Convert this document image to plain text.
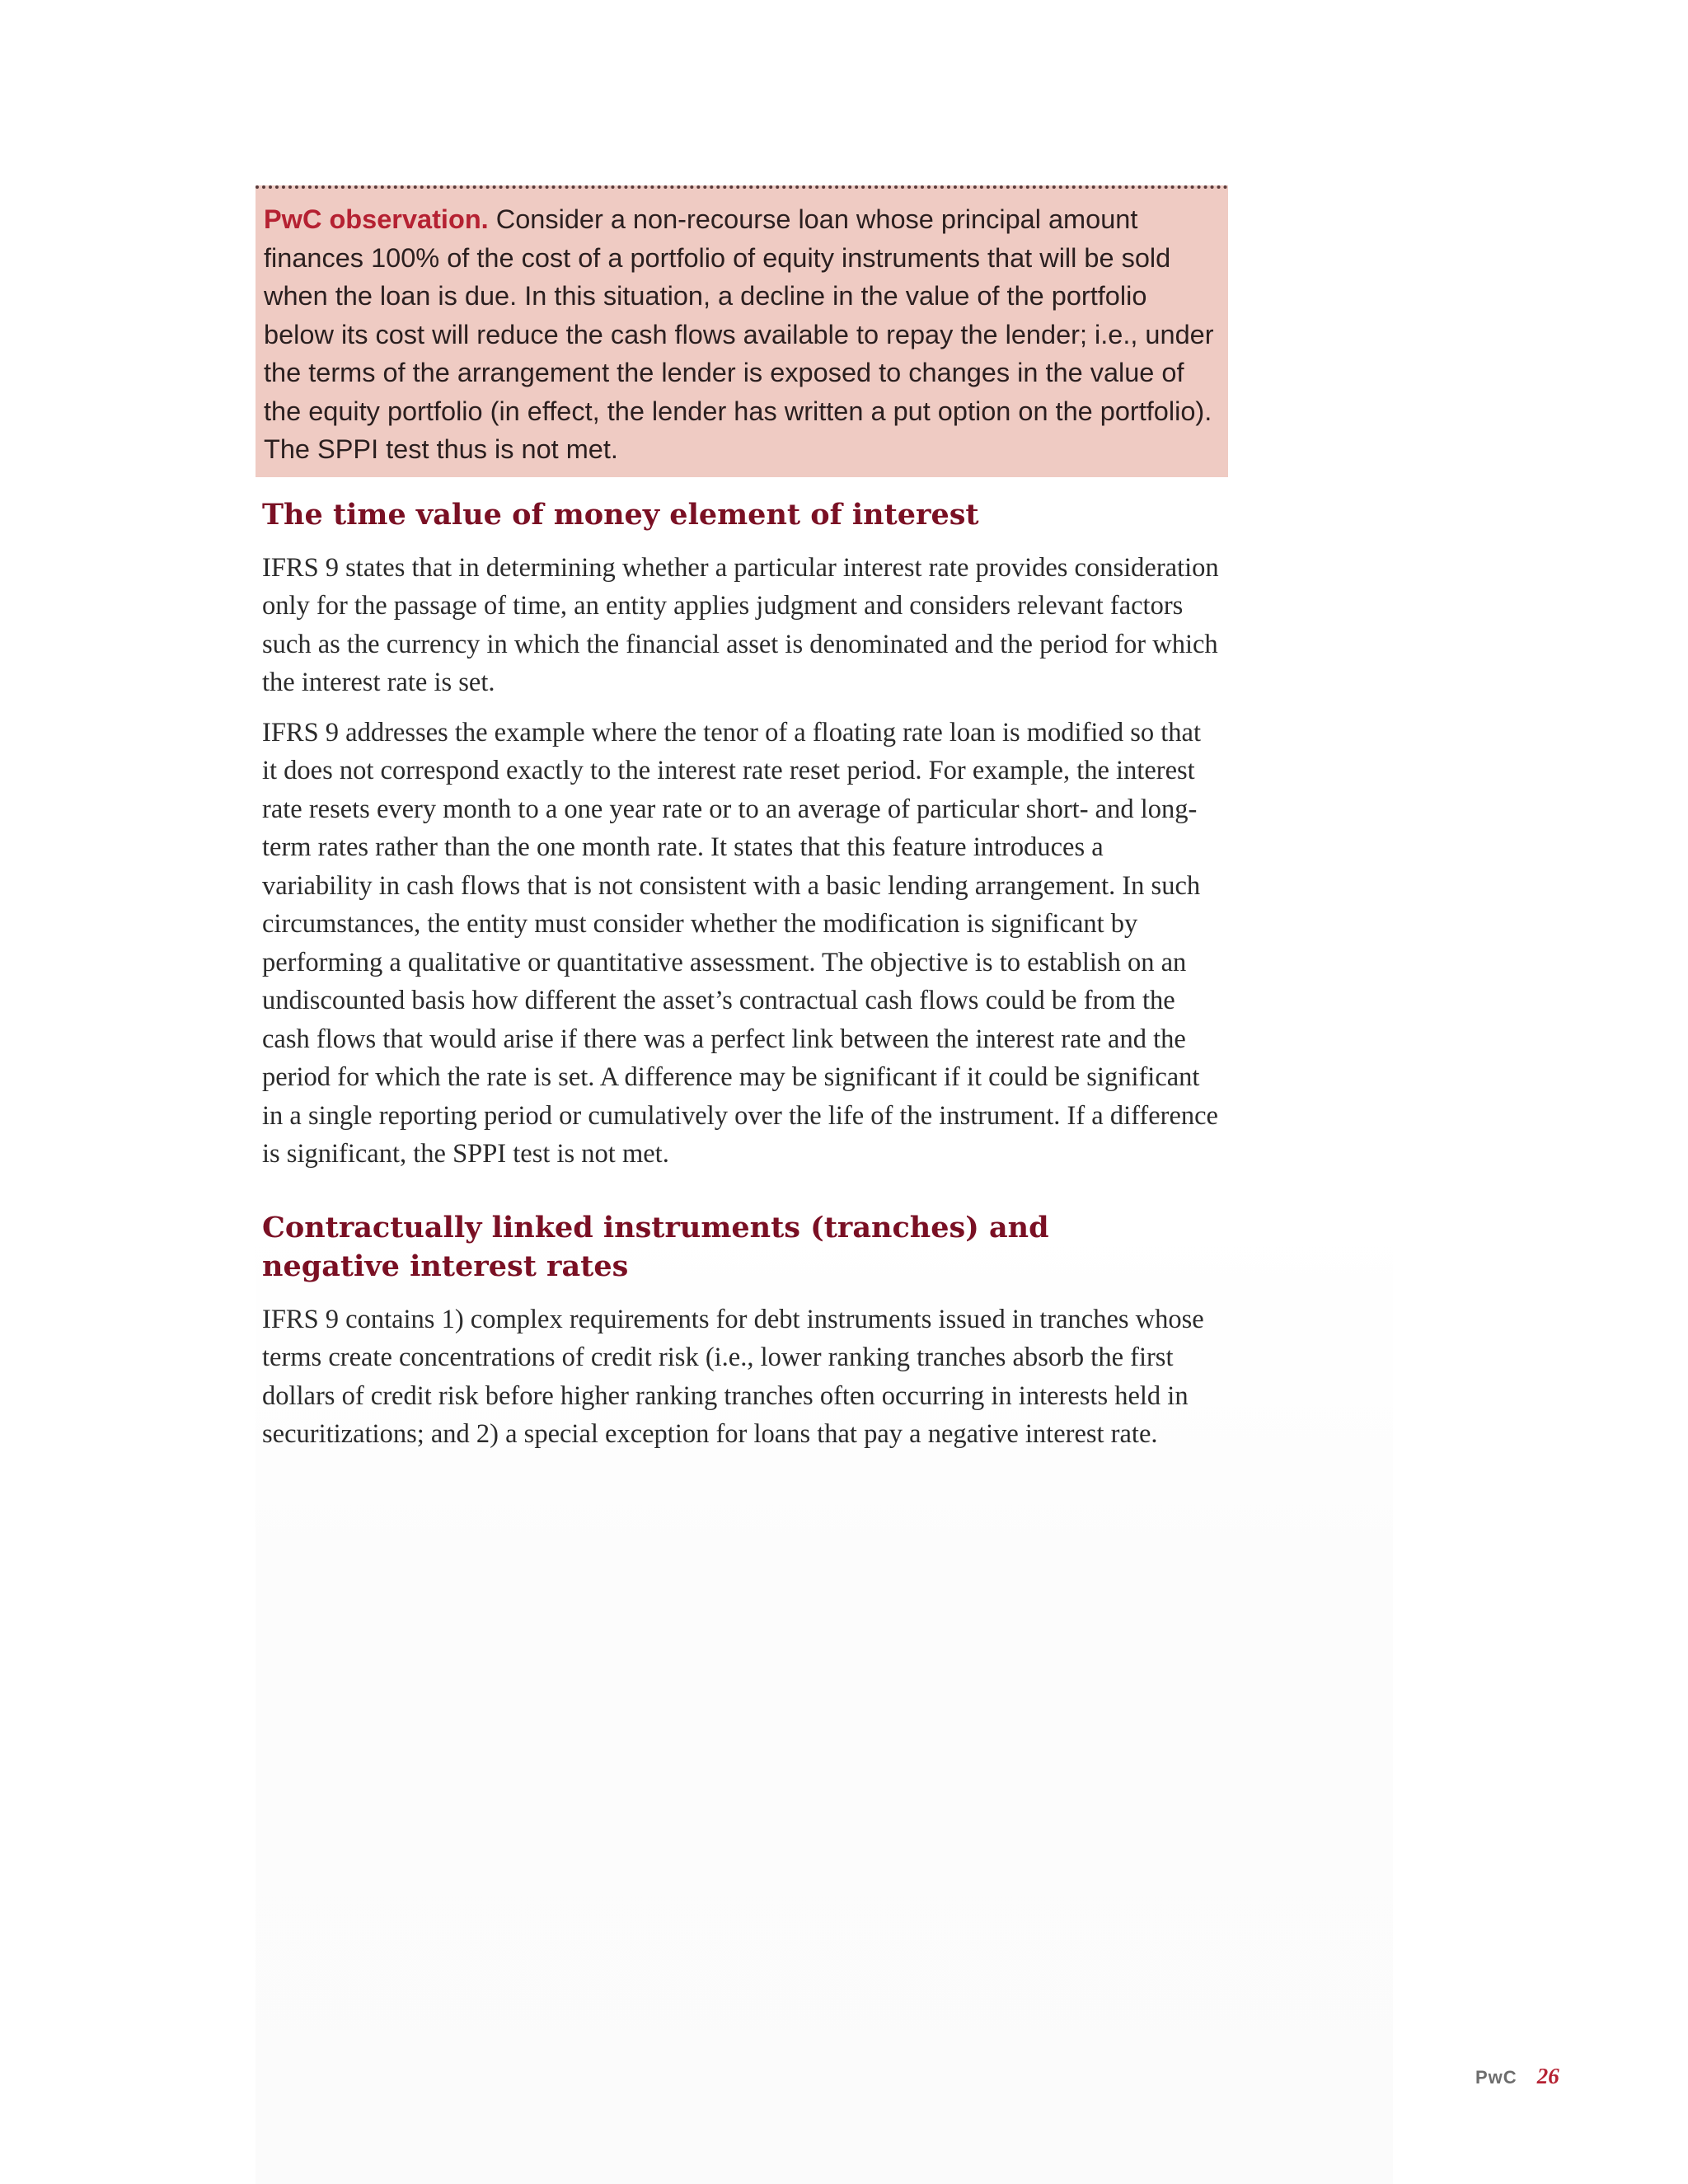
PwC observation. Consider a non-recourse loan whose principal amount finances 100% of the cost of a portfolio of equity instruments that will be sold when the loan is due. In this situation, a decline in the value of the portfolio below its cost will reduce the cash flows available to repay the lender; i.e., under the terms of the arrangement the lender is exposed to changes in the value of the equity portfolio (in effect, the lender has written a put option on the portfolio). The SPPI test thus is not met.
The time value of money element of interest

IFRS 9 states that in determining whether a particular interest rate provides consideration only for the passage of time, an entity applies judgment and considers relevant factors such as the currency in which the financial asset is denominated and the period for which the interest rate is set.

IFRS 9 addresses the example where the tenor of a floating rate loan is modified so that it does not correspond exactly to the interest rate reset period. For example, the interest rate resets every month to a one year rate or to an average of particular short- and long-term rates rather than the one month rate. It states that this feature introduces a variability in cash flows that is not consistent with a basic lending arrangement. In such circumstances, the entity must consider whether the modification is significant by performing a qualitative or quantitative assessment. The objective is to establish on an undiscounted basis how different the asset’s contractual cash flows could be from the cash flows that would arise if there was a perfect link between the interest rate and the period for which the rate is set. A difference may be significant if it could be significant in a single reporting period or cumulatively over the life of the instrument. If a difference is significant, the SPPI test is not met.

Contractually linked instruments (tranches) and negative interest rates

IFRS 9 contains 1) complex requirements for debt instruments issued in tranches whose terms create concentrations of credit risk (i.e., lower ranking tranches absorb the first dollars of credit risk before higher ranking tranches often occurring in interests held in securitizations; and 2) a special exception for loans that pay a negative interest rate.

PwC 26
